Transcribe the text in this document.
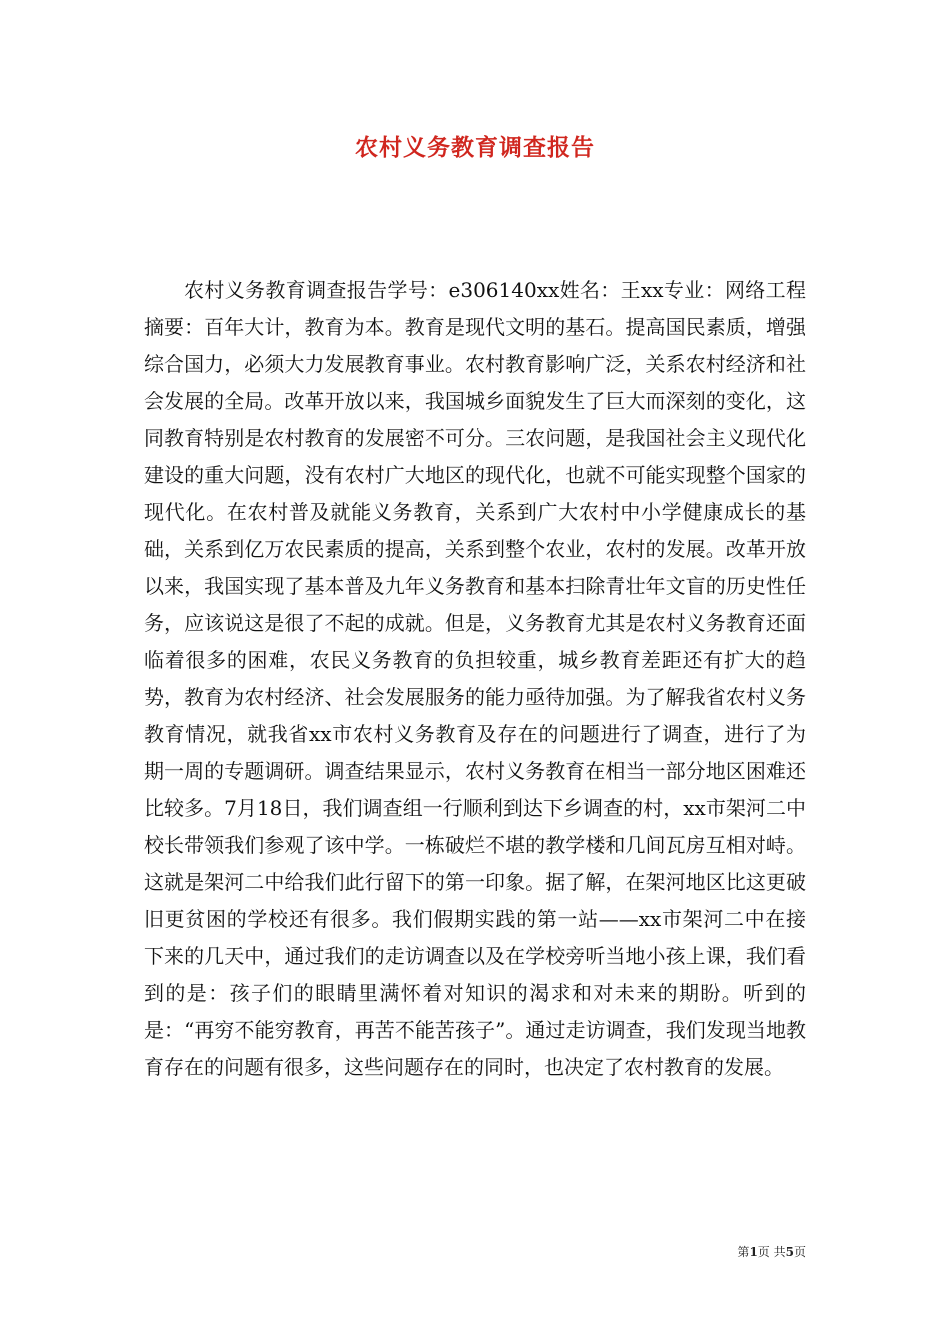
农村义务教育调查报告

农村义务教育调查报告学号：e306140xx姓名：王xx专业：网络工程摘要：百年大计，教育为本。教育是现代文明的基石。提高国民素质，增强综合国力，必须大力发展教育事业。农村教育影响广泛，关系农村经济和社会发展的全局。改革开放以来，我国城乡面貌发生了巨大而深刻的变化，这同教育特别是农村教育的发展密不可分。三农问题，是我国社会主义现代化建设的重大问题，没有农村广大地区的现代化，也就不可能实现整个国家的现代化。在农村普及就能义务教育，关系到广大农村中小学健康成长的基础，关系到亿万农民素质的提高，关系到整个农业，农村的发展。改革开放以来，我国实现了基本普及九年义务教育和基本扫除青壮年文盲的历史性任务，应该说这是很了不起的成就。但是，义务教育尤其是农村义务教育还面临着很多的困难，农民义务教育的负担较重，城乡教育差距还有扩大的趋势，教育为农村经济、社会发展服务的能力亟待加强。为了解我省农村义务教育情况，就我省xx市农村义务教育及存在的问题进行了调查，进行了为期一周的专题调研。调查结果显示，农村义务教育在相当一部分地区困难还比较多。7月18日，我们调查组一行顺利到达下乡调查的村，xx市架河二中校长带领我们参观了该中学。一栋破烂不堪的教学楼和几间瓦房互相对峙。这就是架河二中给我们此行留下的第一印象。据了解，在架河地区比这更破旧更贫困的学校还有很多。我们假期实践的第一站——xx市架河二中在接下来的几天中，通过我们的走访调查以及在学校旁听当地小孩上课，我们看到的是：孩子们的眼睛里满怀着对知识的渴求和对未来的期盼。听到的是：“再穷不能穷教育，再苦不能苦孩子”。通过走访调查，我们发现当地教育存在的问题有很多，这些问题存在的同时，也决定了农村教育的发展。

第1页 共5页
